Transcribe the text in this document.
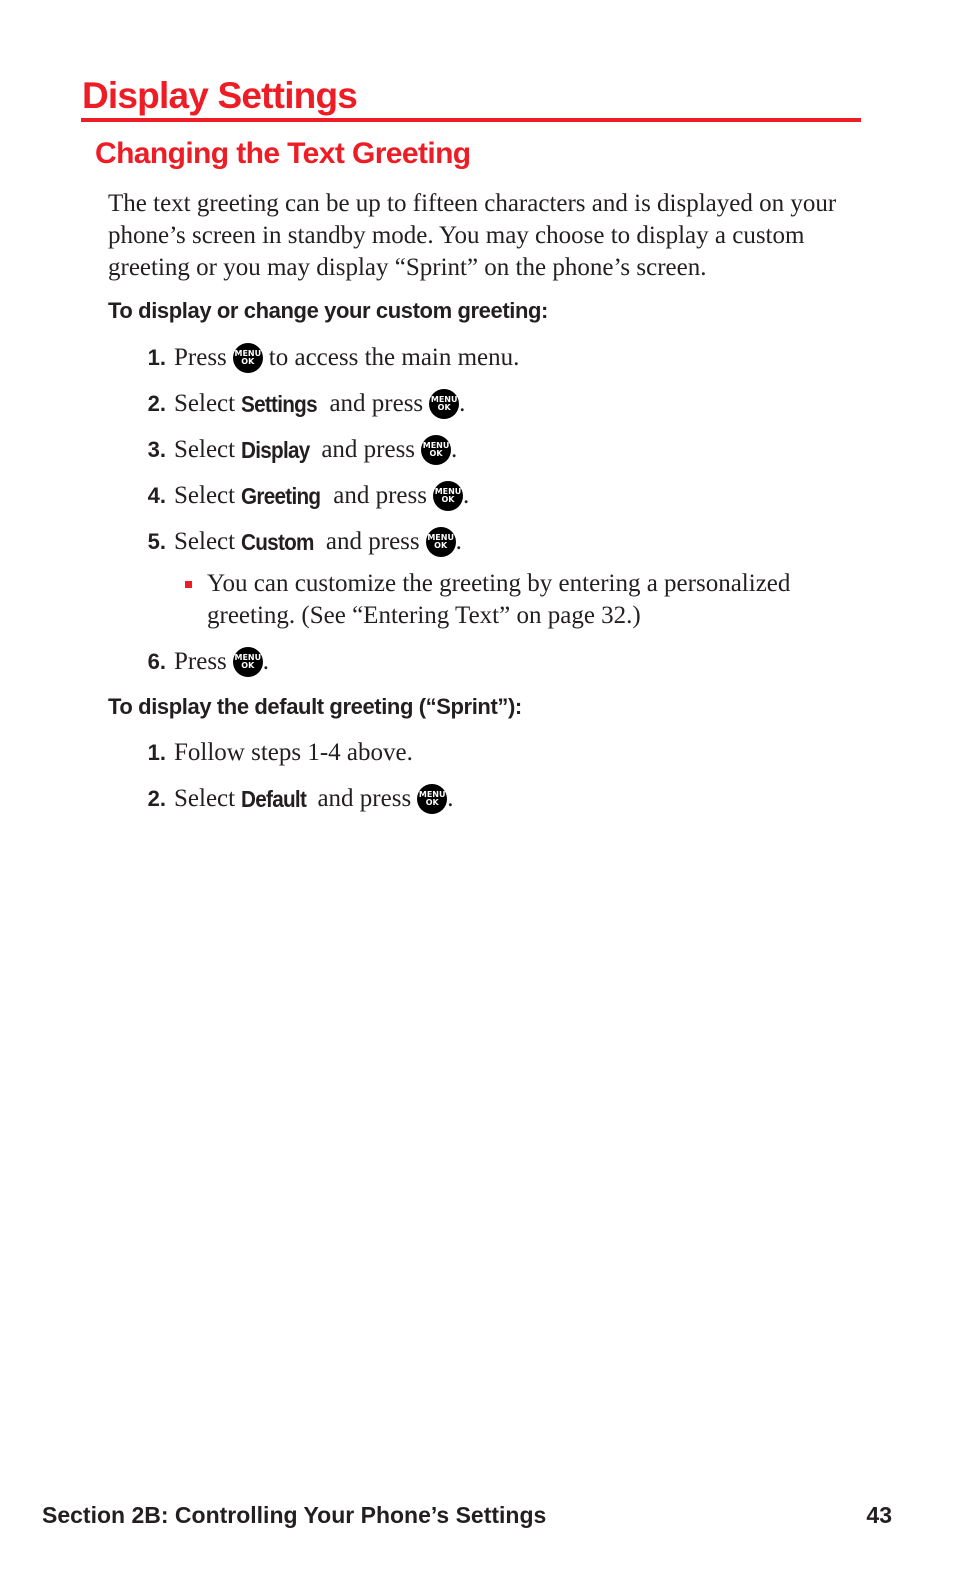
Display Settings
Changing the Text Greeting

The text greeting can be up to fifteen characters and is displayed on your phone’s screen in standby mode. You may choose to display a custom greeting or you may display “Sprint” on the phone’s screen.

To display or change your custom greeting:
1. Press MENU
OK to access the main menu.
2. Select Settings and press MENU
OK .
3. Select Display and press MENU
OK .
4. Select Greeting and press MENU
OK .
5. Select Custom and press MENU
OK .
You can customize the greeting by entering a personalized greeting. (See “Entering Text” on page 32.)
6. Press MENU
OK .
To display the default greeting (“Sprint”):
1. Follow steps 1-4 above.
2. Select Default and press MENU
OK .
Section 2B: Controlling Your Phone’s Settings	43
